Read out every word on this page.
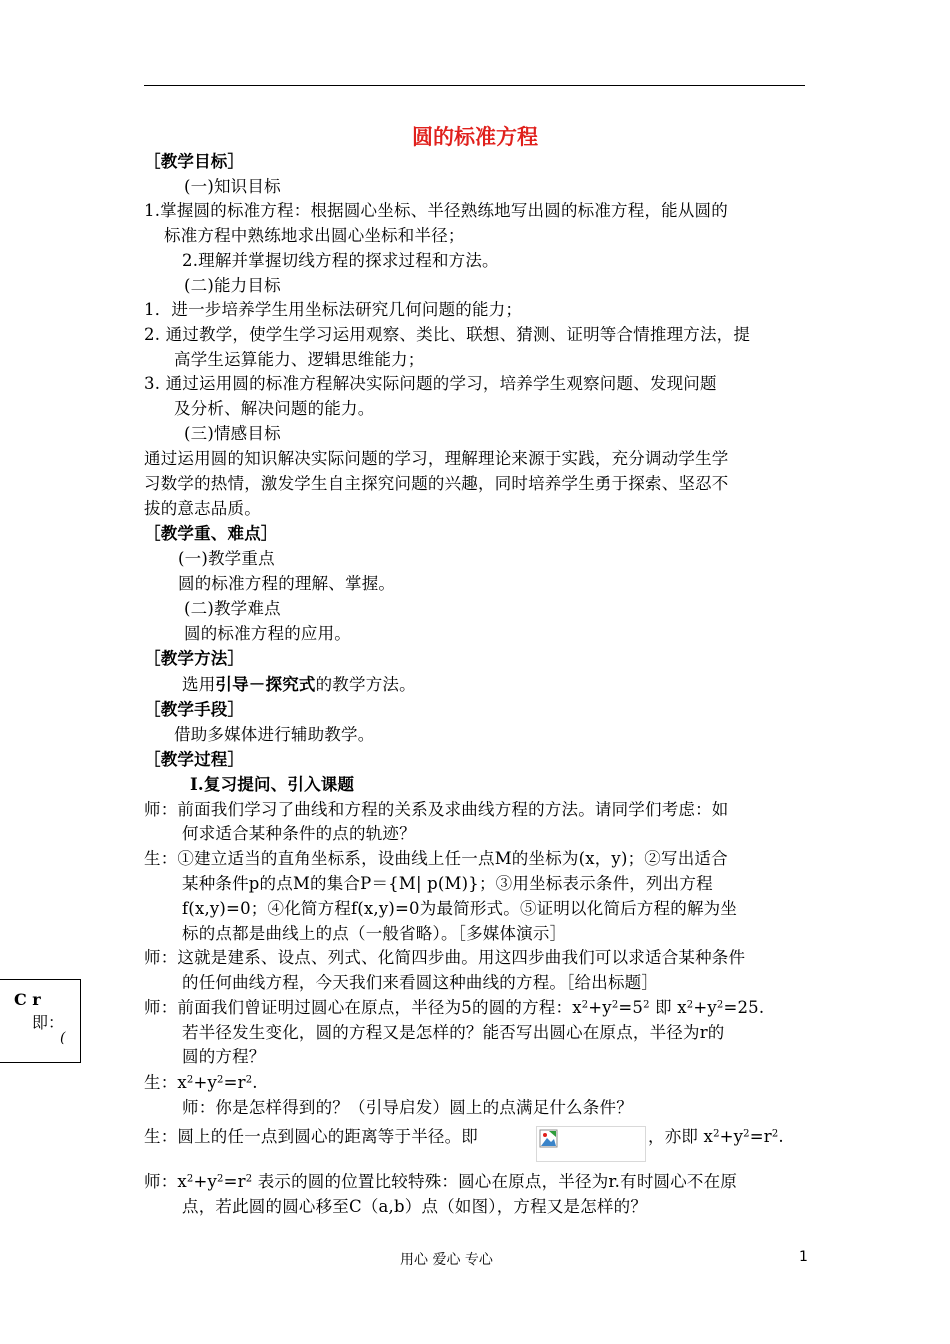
圆的标准方程
［教学目标］
(一)知识目标
1.掌握圆的标准方程：根据圆心坐标、半径熟练地写出圆的标准方程，能从圆的
标准方程中熟练地求出圆心坐标和半径；
2.理解并掌握切线方程的探求过程和方法。
(二)能力目标
1．进一步培养学生用坐标法研究几何问题的能力；
2. 通过教学，使学生学习运用观察、类比、联想、猜测、证明等合情推理方法，提
高学生运算能力、逻辑思维能力；
3. 通过运用圆的标准方程解决实际问题的学习，培养学生观察问题、发现问题
及分析、解决问题的能力。
(三)情感目标
通过运用圆的知识解决实际问题的学习，理解理论来源于实践，充分调动学生学
习数学的热情，激发学生自主探究问题的兴趣，同时培养学生勇于探索、坚忍不
拔的意志品质。
［教学重、难点］
(一)教学重点
圆的标准方程的理解、掌握。
(二)教学难点
圆的标准方程的应用。
［教学方法］
选用引导－探究式的教学方法。
［教学手段］
借助多媒体进行辅助教学。
［教学过程］
Ⅰ.复习提问、引入课题
师：前面我们学习了曲线和方程的关系及求曲线方程的方法。请同学们考虑：如
何求适合某种条件的点的轨迹？
生：①建立适当的直角坐标系，设曲线上任一点M的坐标为(x，y)；②写出适合
某种条件p的点M的集合P＝{M| p(M)}；③用坐标表示条件，列出方程
f(x,y)=0；④化简方程f(x,y)=0为最简形式。⑤证明以化简后方程的解为坐
标的点都是曲线上的点（一般省略）。［多媒体演示］
师：这就是建系、设点、列式、化简四步曲。用这四步曲我们可以求适合某种条件
的任何曲线方程，今天我们来看圆这种曲线的方程。［给出标题］
师：前面我们曾证明过圆心在原点，半径为5的圆的方程：$x^2+y^2=5^2$ 即 $x^2+y^2=25$.
若半径发生变化，圆的方程又是怎样的？能否写出圆心在原点，半径为r的
圆的方程？
生：$x^2+y^2=r^2$.
师：你是怎样得到的？（引导启发）圆上的点满足什么条件？
生：圆上的任一点到圆心的距离等于半径。即	，亦即 $x^2+y^2=r^2$.
师：$x^2+y^2=r^2$ 表示的圆的位置比较特殊：圆心在原点，半径为r.有时圆心不在原
点，若此圆的圆心移至C（a,b）点（如图），方程又是怎样的？
C r
即：
(
用心 爱心 专心	1
